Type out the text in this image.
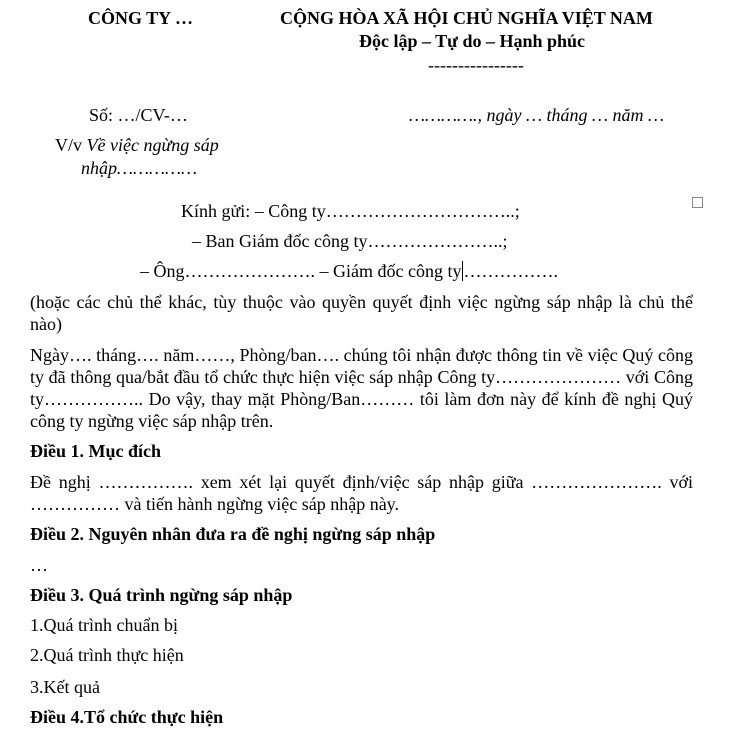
CÔNG TY …	CỘNG HÒA XÃ HỘI CHỦ NGHĨA VIỆT NAM
Độc lập – Tự do – Hạnh phúc
----------------
Số: …/CV-…	…………., ngày … tháng … năm …
V/v Về việc ngừng sáp
nhập……………
Kính gửi: – Công ty…………………………..;
– Ban Giám đốc công ty…………………..;
– Ông…………………. – Giám đốc công ty …………….
(hoặc các chủ thể khác, tùy thuộc vào quyền quyết định việc ngừng sáp nhập là chủ thể nào)
Ngày…. tháng…. năm……, Phòng/ban…. chúng tôi nhận được thông tin về việc Quý công ty đã thông qua/bắt đầu tổ chức thực hiện việc sáp nhập Công ty………………… với Công ty…………….. Do vậy, thay mặt Phòng/Ban……… tôi làm đơn này để kính đề nghị Quý công ty ngừng việc sáp nhập trên.
Điều 1. Mục đích
Đề nghị ……………. xem xét lại quyết định/việc sáp nhập giữa …………………. với …………… và tiến hành ngừng việc sáp nhập này.
Điều 2. Nguyên nhân đưa ra đề nghị ngừng sáp nhập
…
Điều 3. Quá trình ngừng sáp nhập
1.Quá trình chuẩn bị
2.Quá trình thực hiện
3.Kết quả
Điều 4.Tổ chức thực hiện
